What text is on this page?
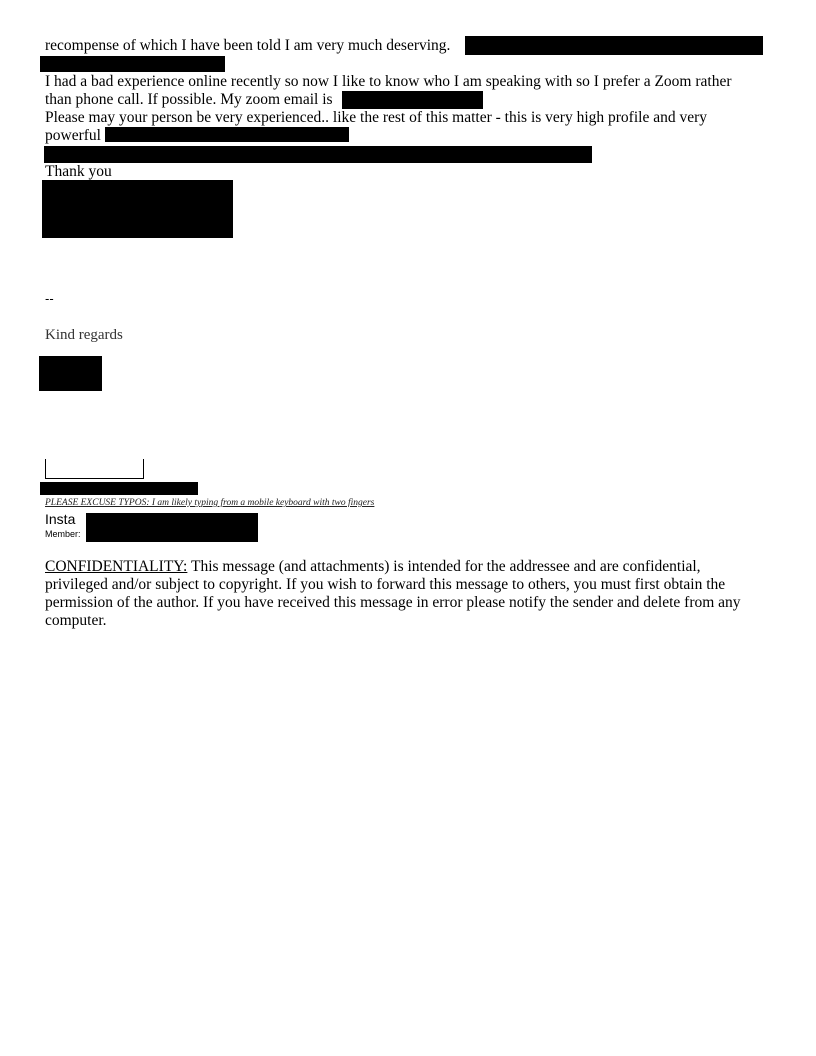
recompense of which I have been told I am very much deserving.
I had a bad experience online recently so now I like to know who I am speaking with so I prefer a Zoom rather
than phone call. If possible. My zoom email is
Please may your person be very experienced.. like the rest of this matter - this is very high profile and very
powerful
Thank you
--
Kind regards
PLEASE EXCUSE TYPOS: I am likely typing from a mobile keyboard with two fingers
Insta
Member:
CONFIDENTIALITY: This message (and attachments) is intended for the addressee and are confidential,
privileged and/or subject to copyright. If you wish to forward this message to others, you must first obtain the
permission of the author. If you have received this message in error please notify the sender and delete from any
computer.
